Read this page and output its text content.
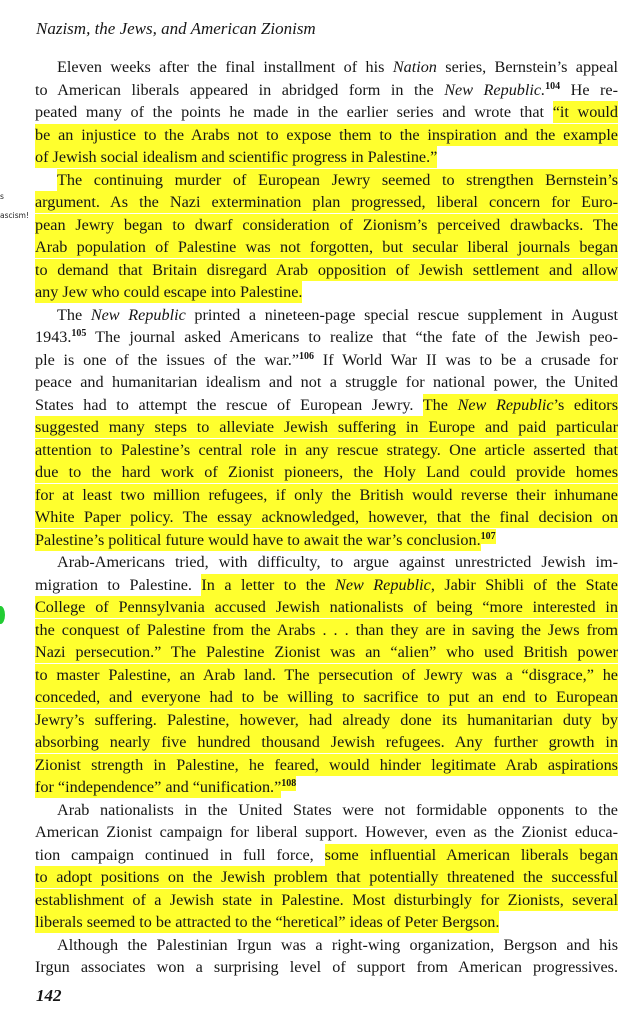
Nazism, the Jews, and American Zionism
s
ascism!
Eleven weeks after the final installment of his Nation series, Bernstein’s appeal
to American liberals appeared in abridged form in the New Republic.$^{104}$ He re-
peated many of the points he made in the earlier series and wrote that “it would
be an injustice to the Arabs not to expose them to the inspiration and the example
of Jewish social idealism and scientific progress in Palestine.”
The continuing murder of European Jewry seemed to strengthen Bernstein’s
argument. As the Nazi extermination plan progressed, liberal concern for Euro-
pean Jewry began to dwarf consideration of Zionism’s perceived drawbacks. The
Arab population of Palestine was not forgotten, but secular liberal journals began
to demand that Britain disregard Arab opposition of Jewish settlement and allow
any Jew who could escape into Palestine.
The New Republic printed a nineteen-page special rescue supplement in August
1943.$^{105}$ The journal asked Americans to realize that “the fate of the Jewish peo-
ple is one of the issues of the war.”$^{106}$ If World War II was to be a crusade for
peace and humanitarian idealism and not a struggle for national power, the United
States had to attempt the rescue of European Jewry. The New Republic’s editors
suggested many steps to alleviate Jewish suffering in Europe and paid particular
attention to Palestine’s central role in any rescue strategy. One article asserted that
due to the hard work of Zionist pioneers, the Holy Land could provide homes
for at least two million refugees, if only the British would reverse their inhumane
White Paper policy. The essay acknowledged, however, that the final decision on
Palestine’s political future would have to await the war’s conclusion.$^{107}$
Arab-Americans tried, with difficulty, to argue against unrestricted Jewish im-
migration to Palestine. In a letter to the New Republic, Jabir Shibli of the State
College of Pennsylvania accused Jewish nationalists of being “more interested in
the conquest of Palestine from the Arabs . . . than they are in saving the Jews from
Nazi persecution.” The Palestine Zionist was an “alien” who used British power
to master Palestine, an Arab land. The persecution of Jewry was a “disgrace,” he
conceded, and everyone had to be willing to sacrifice to put an end to European
Jewry’s suffering. Palestine, however, had already done its humanitarian duty by
absorbing nearly five hundred thousand Jewish refugees. Any further growth in
Zionist strength in Palestine, he feared, would hinder legitimate Arab aspirations
for “independence” and “unification.”$^{108}$
Arab nationalists in the United States were not formidable opponents to the
American Zionist campaign for liberal support. However, even as the Zionist educa-
tion campaign continued in full force, some influential American liberals began
to adopt positions on the Jewish problem that potentially threatened the successful
establishment of a Jewish state in Palestine. Most disturbingly for Zionists, several
liberals seemed to be attracted to the “heretical” ideas of Peter Bergson.
Although the Palestinian Irgun was a right-wing organization, Bergson and his
Irgun associates won a surprising level of support from American progressives.
142
